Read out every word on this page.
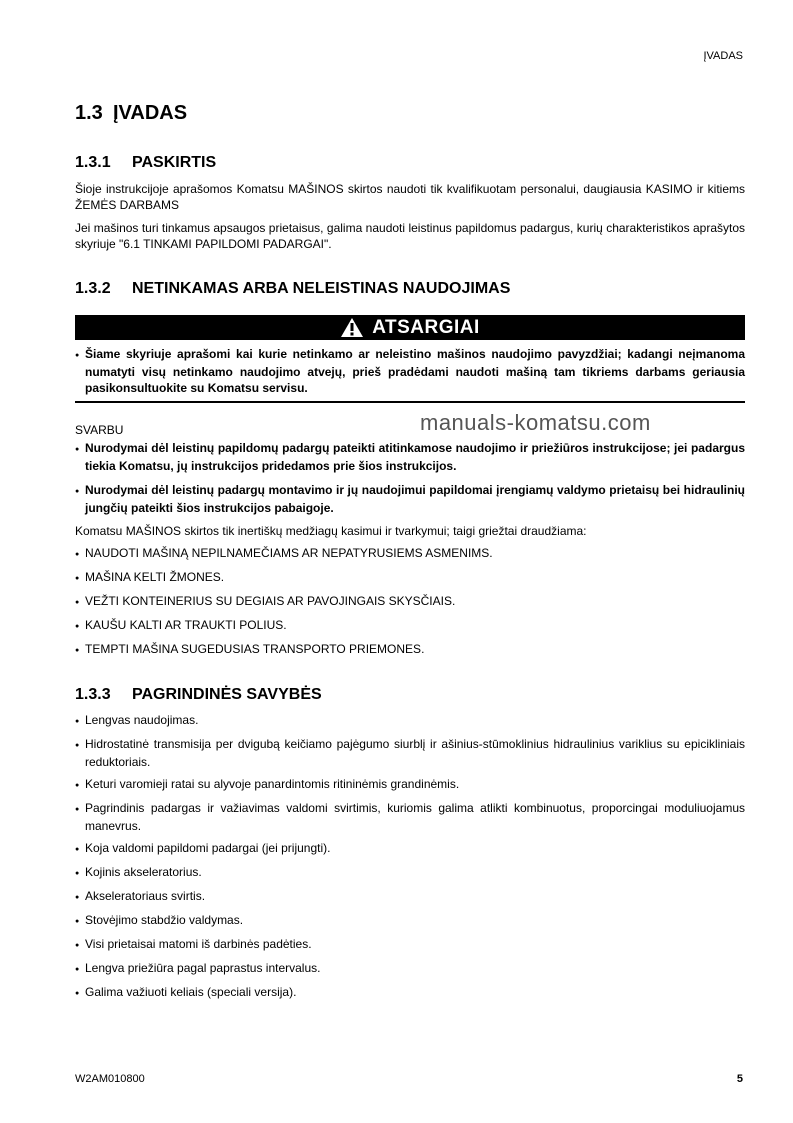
ĮVADAS
1.3 ĮVADAS
1.3.1 PASKIRTIS
Šioje instrukcijoje aprašomos Komatsu MAŠINOS skirtos naudoti tik kvalifikuotam personalui, daugiausia KASIMO ir kitiems ŽEMĖS DARBAMS
Jei mašinos turi tinkamus apsaugos prietaisus, galima naudoti leistinus papildomus padargus, kurių charakteristikos aprašytos skyriuje "6.1 TINKAMI PAPILDOMI PADARGAI".
1.3.2 NETINKAMAS ARBA NELEISTINAS NAUDOJIMAS
ATSARGIAI
● Šiame skyriuje aprašomi kai kurie netinkamo ar neleistino mašinos naudojimo pavyzdžiai; kadangi neįmanoma numatyti visų netinkamo naudojimo atvejų, prieš pradėdami naudoti mašiną tam tikriems darbams geriausia pasikonsultuokite su Komatsu servisu.
SVARBU	manuals-komatsu.com
● Nurodymai dėl leistinų papildomų padargų pateikti atitinkamose naudojimo ir priežiūros instrukcijose; jei padargus tiekia Komatsu, jų instrukcijos pridedamos prie šios instrukcijos.
● Nurodymai dėl leistinų padargų montavimo ir jų naudojimui papildomai įrengiamų valdymo prietaisų bei hidraulinių jungčių pateikti šios instrukcijos pabaigoje.
Komatsu MAŠINOS skirtos tik inertiškų medžiagų kasimui ir tvarkymui; taigi griežtai draudžiama:
● NAUDOTI MAŠINĄ NEPILNAMEČIAMS AR NEPATYRUSIEMS ASMENIMS.
● MAŠINA KELTI ŽMONES.
● VEŽTI KONTEINERIUS SU DEGIAIS AR PAVOJINGAIS SKYSČIAIS.
● KAUŠU KALTI AR TRAUKTI POLIUS.
● TEMPTI MAŠINA SUGEDUSIAS TRANSPORTO PRIEMONES.
1.3.3 PAGRINDINĖS SAVYBĖS
● Lengvas naudojimas.
● Hidrostatinė transmisija per dvigubą keičiamo pajėgumo siurblį ir ašinius-stūmoklinius hidraulinius variklius su epicikliniais reduktoriais.
● Keturi varomieji ratai su alyvoje panardintomis ritininėmis grandinėmis.
● Pagrindinis padargas ir važiavimas valdomi svirtimis, kuriomis galima atlikti kombinuotus, proporcingai moduliuojamus manevrus.
● Koja valdomi papildomi padargai (jei prijungti).
● Kojinis akseleratorius.
● Akseleratoriaus svirtis.
● Stovėjimo stabdžio valdymas.
● Visi prietaisai matomi iš darbinės padėties.
● Lengva priežiūra pagal paprastus intervalus.
● Galima važiuoti keliais (speciali versija).
W2AM010800	5
